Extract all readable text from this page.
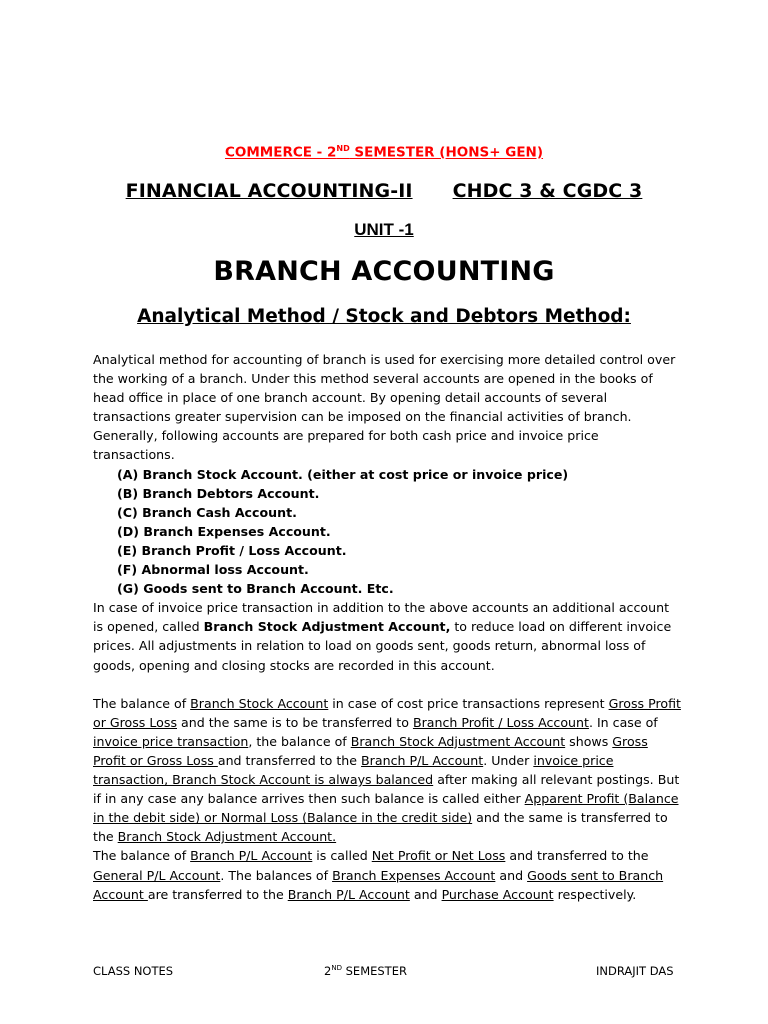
COMMERCE - 2ND SEMESTER (HONS+ GEN)
FINANCIAL ACCOUNTING-II CHDC 3 & CGDC 3
UNIT -1
BRANCH ACCOUNTING
Analytical Method / Stock and Debtors Method:

Analytical method for accounting of branch is used for exercising more detailed control over the working of a branch. Under this method several accounts are opened in the books of head office in place of one branch account. By opening detail accounts of several transactions greater supervision can be imposed on the financial activities of branch. Generally, following accounts are prepared for both cash price and invoice price transactions.

(A) Branch Stock Account. (either at cost price or invoice price)
(B) Branch Debtors Account.
(C) Branch Cash Account.
(D) Branch Expenses Account.
(E) Branch Profit / Loss Account.
(F) Abnormal loss Account.
(G) Goods sent to Branch Account. Etc.

In case of invoice price transaction in addition to the above accounts an additional account is opened, called Branch Stock Adjustment Account, to reduce load on different invoice prices. All adjustments in relation to load on goods sent, goods return, abnormal loss of goods, opening and closing stocks are recorded in this account.

The balance of Branch Stock Account in case of cost price transactions represent Gross Profit or Gross Loss and the same is to be transferred to Branch Profit / Loss Account. In case of invoice price transaction, the balance of Branch Stock Adjustment Account shows Gross Profit or Gross Loss and transferred to the Branch P/L Account. Under invoice price transaction, Branch Stock Account is always balanced after making all relevant postings. But if in any case any balance arrives then such balance is called either Apparent Profit (Balance in the debit side) or Normal Loss (Balance in the credit side) and the same is transferred to the Branch Stock Adjustment Account.

The balance of Branch P/L Account is called Net Profit or Net Loss and transferred to the General P/L Account. The balances of Branch Expenses Account and Goods sent to Branch Account are transferred to the Branch P/L Account and Purchase Account respectively.

CLASS NOTES	2ND SEMESTER	INDRAJIT DAS
